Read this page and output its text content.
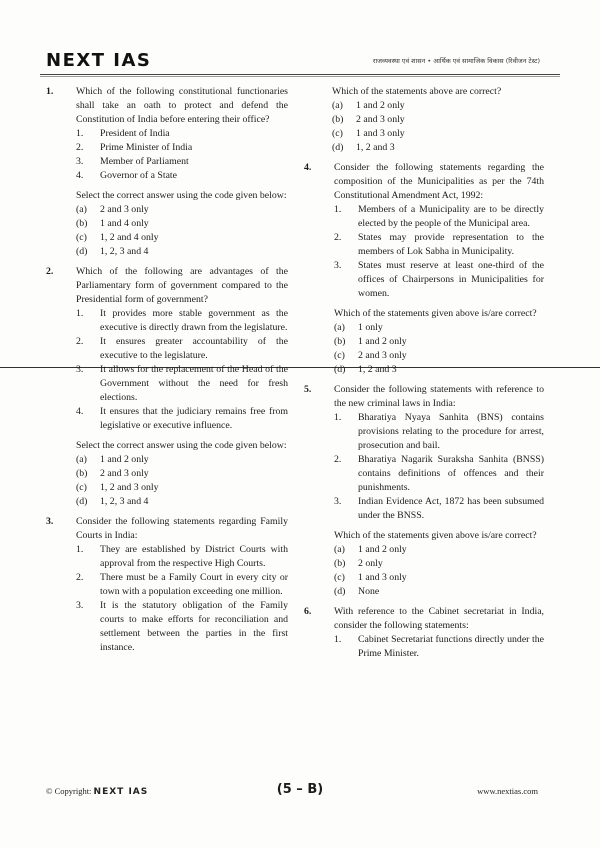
NEXT IAS	राजव्यवस्था एवं शासन • आर्थिक एवं सामाजिक विकास (रिवीजन टेस्ट)
1. Which of the following constitutional functionaries shall take an oath to protect and defend the Constitution of India before entering their office?
1. President of India
2. Prime Minister of India
3. Member of Parliament
4. Governor of a State
Select the correct answer using the code given below:
(a) 2 and 3 only
(b) 1 and 4 only
(c) 1, 2 and 4 only
(d) 1, 2, 3 and 4
2. Which of the following are advantages of the Parliamentary form of government compared to the Presidential form of government?
1. It provides more stable government as the executive is directly drawn from the legislature.
2. It ensures greater accountability of the executive to the legislature.
3. It allows for the replacement of the Head of the Government without the need for fresh elections.
4. It ensures that the judiciary remains free from legislative or executive influence.
Select the correct answer using the code given below:
(a) 1 and 2 only
(b) 2 and 3 only
(c) 1, 2 and 3 only
(d) 1, 2, 3 and 4
3. Consider the following statements regarding Family Courts in India:
1. They are established by District Courts with approval from the respective High Courts.
2. There must be a Family Court in every city or town with a population exceeding one million.
3. It is the statutory obligation of the Family courts to make efforts for reconciliation and settlement between the parties in the first instance.
Which of the statements above are correct?
(a) 1 and 2 only
(b) 2 and 3 only
(c) 1 and 3 only
(d) 1, 2 and 3
4. Consider the following statements regarding the composition of the Municipalities as per the 74th Constitutional Amendment Act, 1992:
1. Members of a Municipality are to be directly elected by the people of the Municipal area.
2. States may provide representation to the members of Lok Sabha in Municipality.
3. States must reserve at least one-third of the offices of Chairpersons in Municipalities for women.
Which of the statements given above is/are correct?
(a) 1 only
(b) 1 and 2 only
(c) 2 and 3 only
(d) 1, 2 and 3
5. Consider the following statements with reference to the new criminal laws in India:
1. Bharatiya Nyaya Sanhita (BNS) contains provisions relating to the procedure for arrest, prosecution and bail.
2. Bharatiya Nagarik Suraksha Sanhita (BNSS) contains definitions of offences and their punishments.
3. Indian Evidence Act, 1872 has been subsumed under the BNSS.
Which of the statements given above is/are correct?
(a) 1 and 2 only
(b) 2 only
(c) 1 and 3 only
(d) None
6. With reference to the Cabinet secretariat in India, consider the following statements:
1. Cabinet Secretariat functions directly under the Prime Minister.
© Copyright: NEXT IAS	(5 – B)	www.nextias.com
